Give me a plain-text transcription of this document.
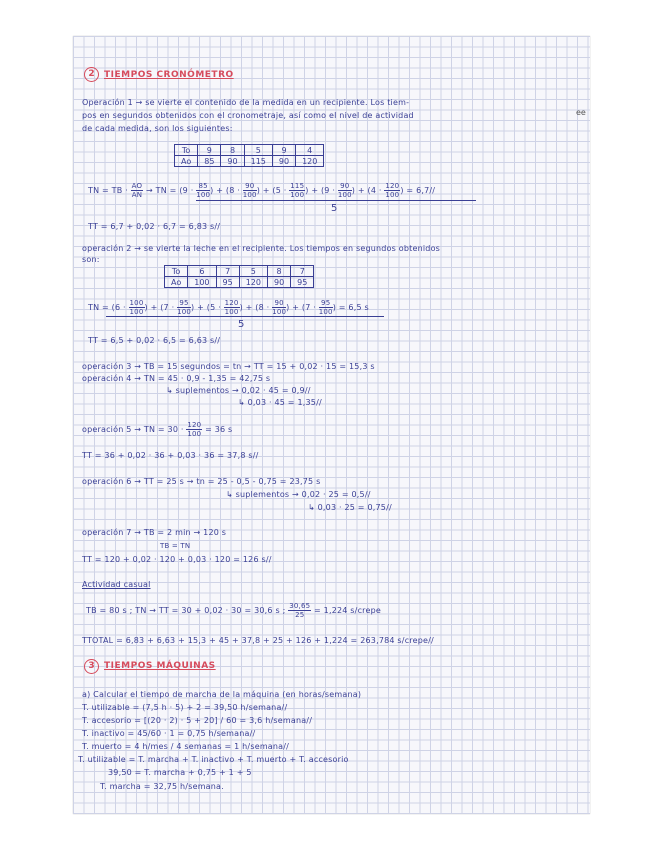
ee
2	TIEMPOS CRONÓMETRO
Operación 1 → se vierte el contenido de la medida en un recipiente. Los tiem-
pos en segundos obtenidos con el cronometraje, así como el nivel de actividad
de cada medida, son los siguientes:
To	9	8	5	9	4
Ao	85	90	115	90	120
TN = TB · $\frac{AO}{AN}$ → TN = ($9 \cdot \frac{85}{100}$ ) + ($8 \cdot \frac{90}{100}$ ) + ($5 \cdot \frac{115}{100}$ ) + ($9 \cdot \frac{90}{100}$ ) + ($4 \cdot \frac{120}{100}$ ) = 6,7//
5
TT = 6,7 + 0,02 · 6,7 = 6,83 s//
operación 2 → se vierte la leche en el recipiente. Los tiempos en segundos obtenidos
son:
To	6	7	5	8	7
Ao	100	95	120	90	95
TN = ($6 \cdot \frac{100}{100}$ ) + ($7 \cdot \frac{95}{100}$ ) + ($5 \cdot \frac{120}{100}$ ) + ($8 \cdot \frac{90}{100}$ ) + ($7 \cdot \frac{95}{100}$ ) = 6,5 s
5
TT = 6,5 + 0,02 · 6,5 = 6,63 s//
operación 3 → TB = 15 segundos = tn → TT = 15 + 0,02 · 15 = 15,3 s
operación 4 → TN = 45 · 0,9 - 1,35 = 42,75 s
↳ suplementos → 0,02 · 45 = 0,9//
↳ 0,03 · 45 = 1,35//
operación 5 → TN = $30 \cdot \frac{120}{100} = 36$ s
TT = 36 + 0,02 · 36 + 0,03 · 36 = 37,8 s//
operación 6 → TT = 25 s → tn = 25 - 0,5 - 0,75 = 23,75 s
↳ suplementos → 0,02 · 25 = 0,5//
↳ 0,03 · 25 = 0,75//
operación 7 → TB = 2 min → 120 s
TB = TN
TT = 120 + 0,02 · 120 + 0,03 · 120 = 126 s//
Actividad casual
TB = 80 s ; TN → TT = 30 + 0,02 · 30 = 30,6 s ; $\frac{30,65}{25} = 1,224$ s/crepe
TTOTAL = 6,83 + 6,63 + 15,3 + 45 + 37,8 + 25 + 126 + 1,224 = 263,784 s/crepe//
3	TIEMPOS MÁQUINAS
a) Calcular el tiempo de marcha de la máquina (en horas/semana)
T. utilizable = (7,5 h · 5) + 2 = 39,50 h/semana//
T. accesorio = [(20 · 2) · 5 + 20] / 60 = 3,6 h/semana//
T. inactivo = 45/60 · 1 = 0,75 h/semana//
T. muerto = 4 h/mes / 4 semanas = 1 h/semana//
T. utilizable = T. marcha + T. inactivo + T. muerto + T. accesorio
39,50 = T. marcha + 0,75 + 1 + 5
T. marcha = 32,75 h/semana.
